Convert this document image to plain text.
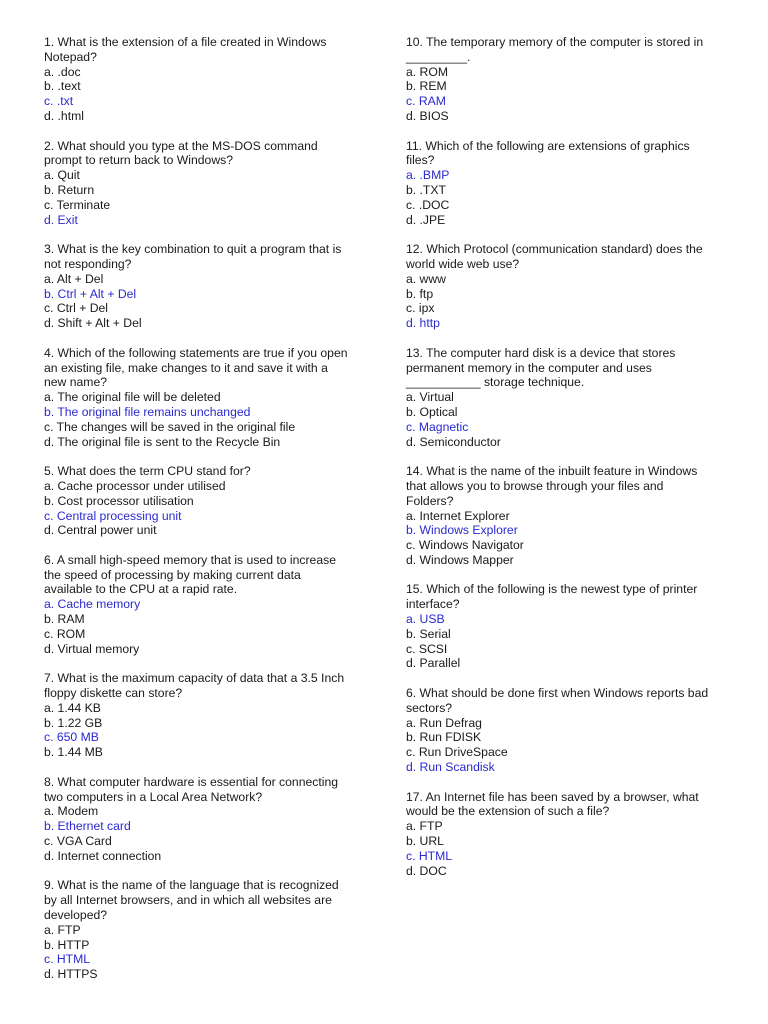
1. What is the extension of a file created in Windows
Notepad?
a. .doc
b. .text
c. .txt
d. .html
2. What should you type at the MS-DOS command
prompt to return back to Windows?
a. Quit
b. Return
c. Terminate
d. Exit
3. What is the key combination to quit a program that is
not responding?
a. Alt + Del
b. Ctrl + Alt + Del
c. Ctrl + Del
d. Shift + Alt + Del
4. Which of the following statements are true if you open
an existing file, make changes to it and save it with a
new name?
a. The original file will be deleted
b. The original file remains unchanged
c. The changes will be saved in the original file
d. The original file is sent to the Recycle Bin
5. What does the term CPU stand for?
a. Cache processor under utilised
b. Cost processor utilisation
c. Central processing unit
d. Central power unit
6. A small high-speed memory that is used to increase
the speed of processing by making current data
available to the CPU at a rapid rate.
a. Cache memory
b. RAM
c. ROM
d. Virtual memory
7. What is the maximum capacity of data that a 3.5 Inch
floppy diskette can store?
a. 1.44 KB
b. 1.22 GB
c. 650 MB
b. 1.44 MB
8. What computer hardware is essential for connecting
two computers in a Local Area Network?
a. Modem
b. Ethernet card
c. VGA Card
d. Internet connection
9. What is the name of the language that is recognized
by all Internet browsers, and in which all websites are
developed?
a. FTP
b. HTTP
c. HTML
d. HTTPS
10. The temporary memory of the computer is stored in
_________.
a. ROM
b. REM
c. RAM
d. BIOS
11. Which of the following are extensions of graphics
files?
a. .BMP
b. .TXT
c. .DOC
d. .JPE
12. Which Protocol (communication standard) does the
world wide web use?
a. www
b. ftp
c. ipx
d. http
13. The computer hard disk is a device that stores
permanent memory in the computer and uses
___________ storage technique.
a. Virtual
b. Optical
c. Magnetic
d. Semiconductor
14. What is the name of the inbuilt feature in Windows
that allows you to browse through your files and
Folders?
a. Internet Explorer
b. Windows Explorer
c. Windows Navigator
d. Windows Mapper
15. Which of the following is the newest type of printer
interface?
a. USB
b. Serial
c. SCSI
d. Parallel
6. What should be done first when Windows reports bad
sectors?
a. Run Defrag
b. Run FDISK
c. Run DriveSpace
d. Run Scandisk
17. An Internet file has been saved by a browser, what
would be the extension of such a file?
a. FTP
b. URL
c. HTML
d. DOC
